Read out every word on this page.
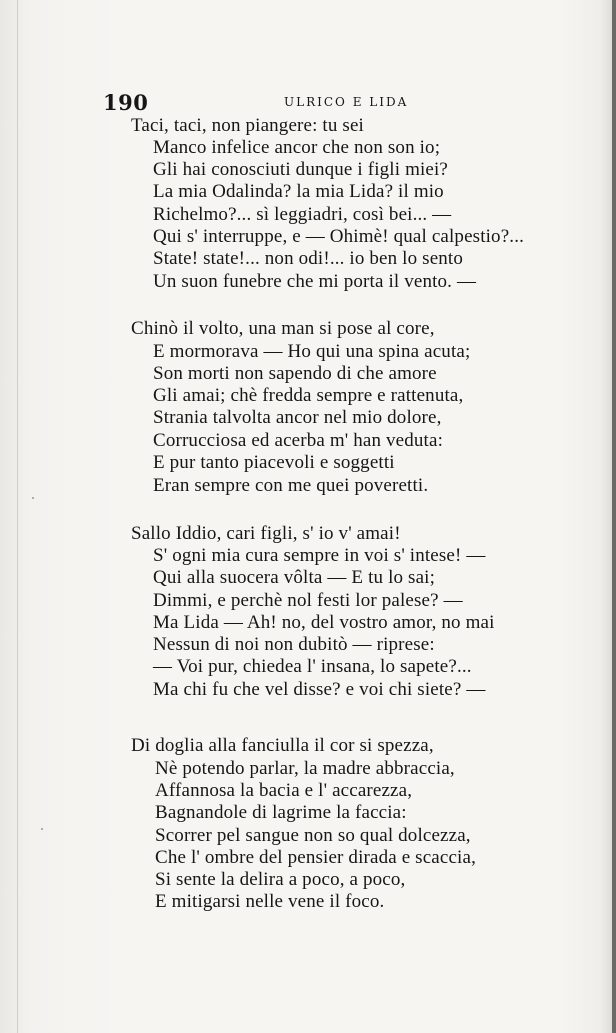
190	ULRICO E LIDA
Taci, taci, non piangere: tu sei
Manco infelice ancor che non son io;
Gli hai conosciuti dunque i figli miei?
La mia Odalinda? la mia Lida? il mio
Richelmo?... sì leggiadri, così bei... —
Qui s' interruppe, e — Ohimè! qual calpestio?...
State! state!... non odi!... io ben lo sento
Un suon funebre che mi porta il vento. —
Chinò il volto, una man si pose al core,
E mormorava — Ho qui una spina acuta;
Son morti non sapendo di che amore
Gli amai; chè fredda sempre e rattenuta,
Strania talvolta ancor nel mio dolore,
Corrucciosa ed acerba m' han veduta:
E pur tanto piacevoli e soggetti
Eran sempre con me quei poveretti.
Sallo Iddio, cari figli, s' io v' amai!
S' ogni mia cura sempre in voi s' intese! —
Qui alla suocera vôlta — E tu lo sai;
Dimmi, e perchè nol festi lor palese? —
Ma Lida — Ah! no, del vostro amor, no mai
Nessun di noi non dubitò — riprese:
— Voi pur, chiedea l' insana, lo sapete?...
Ma chi fu che vel disse? e voi chi siete? —
Di doglia alla fanciulla il cor si spezza,
Nè potendo parlar, la madre abbraccia,
Affannosa la bacia e l' accarezza,
Bagnandole di lagrime la faccia:
Scorrer pel sangue non so qual dolcezza,
Che l' ombre del pensier dirada e scaccia,
Si sente la delira a poco, a poco,
E mitigarsi nelle vene il foco.
